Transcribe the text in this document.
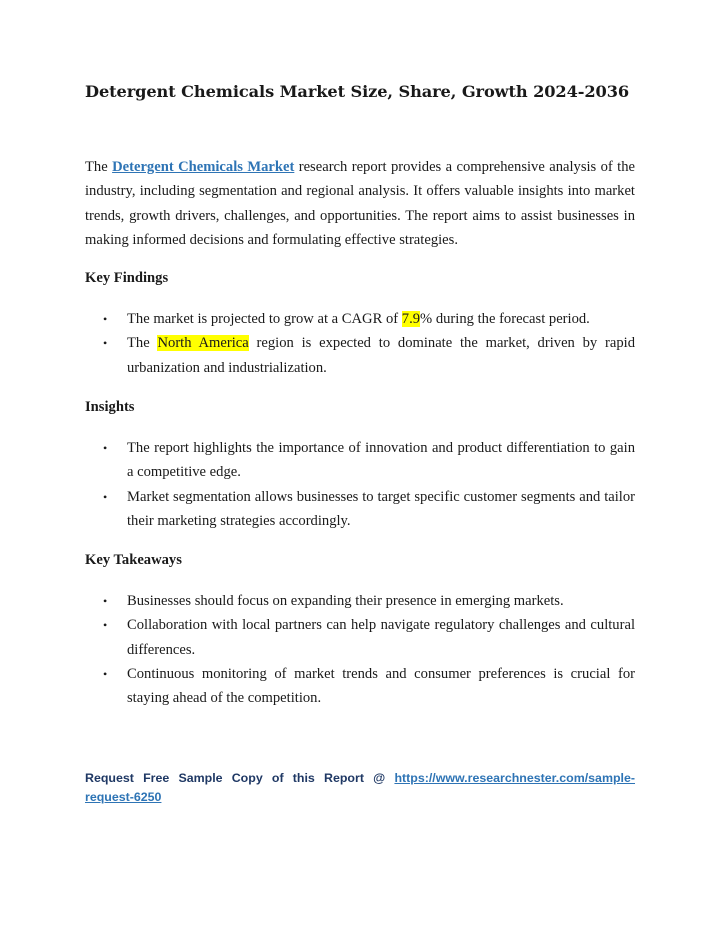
Detergent Chemicals Market Size, Share, Growth 2024-2036

The Detergent Chemicals Market research report provides a comprehensive analysis of the industry, including segmentation and regional analysis. It offers valuable insights into market trends, growth drivers, challenges, and opportunities. The report aims to assist businesses in making informed decisions and formulating effective strategies.

Key Findings
• The market is projected to grow at a CAGR of 7.9% during the forecast period.
• The North America region is expected to dominate the market, driven by rapid urbanization and industrialization.
Insights
• The report highlights the importance of innovation and product differentiation to gain a competitive edge.
• Market segmentation allows businesses to target specific customer segments and tailor their marketing strategies accordingly.
Key Takeaways
• Businesses should focus on expanding their presence in emerging markets.
• Collaboration with local partners can help navigate regulatory challenges and cultural differences.
• Continuous monitoring of market trends and consumer preferences is crucial for staying ahead of the competition.

Request Free Sample Copy of this Report @ https://www.researchnester.com/sample-request-6250
